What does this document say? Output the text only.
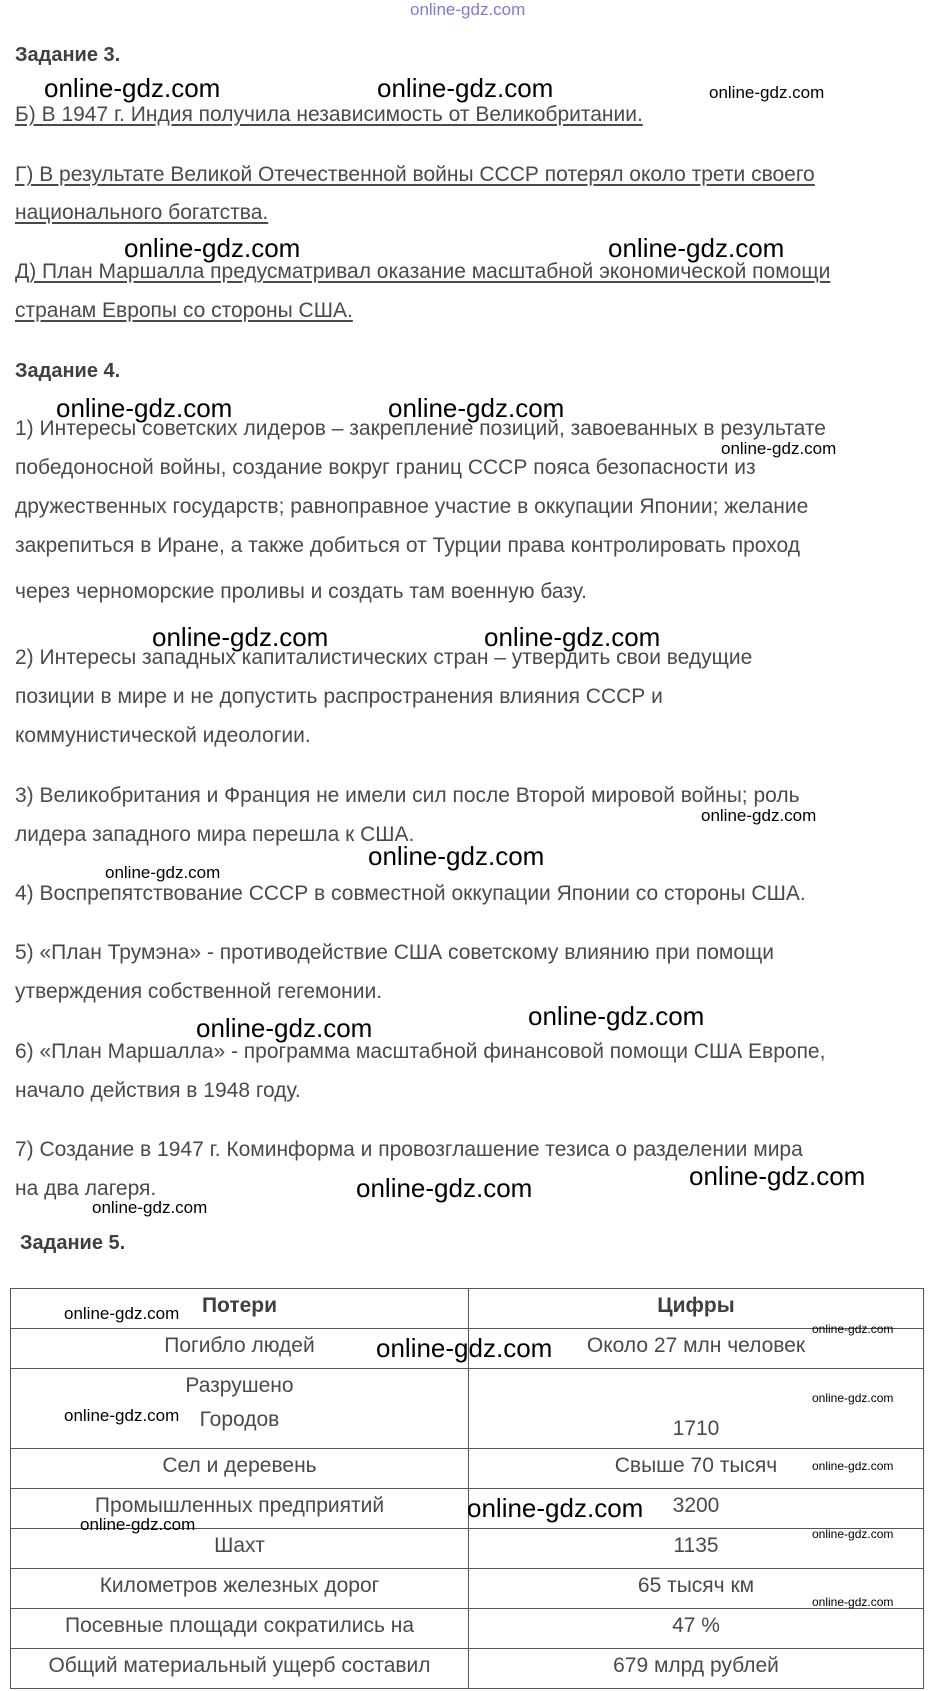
online-gdz.com
Задание 3.
Б) В 1947 г. Индия получила независимость от Великобритании.
Г) В результате Великой Отечественной войны СССР потерял около трети своего
национального богатства.
Д) План Маршалла предусматривал оказание масштабной экономической помощи
странам Европы со стороны США.
Задание 4.
1) Интересы советских лидеров – закрепление позиций, завоеванных в результате
победоносной войны, создание вокруг границ СССР пояса безопасности из
дружественных государств; равноправное участие в оккупации Японии; желание
закрепиться в Иране, а также добиться от Турции права контролировать проход
через черноморские проливы и создать там военную базу.
2) Интересы западных капиталистических стран – утвердить свои ведущие
позиции в мире и не допустить распространения влияния СССР и
коммунистической идеологии.
3) Великобритания и Франция не имели сил после Второй мировой войны; роль
лидера западного мира перешла к США.
4) Воспрепятствование СССР в совместной оккупации Японии со стороны США.
5) «План Трумэна» - противодействие США советскому влиянию при помощи
утверждения собственной гегемонии.
6) «План Маршалла» - программа масштабной финансовой помощи США Европе,
начало действия в 1948 году.
7) Создание в 1947 г. Коминформа и провозглашение тезиса о разделении мира
на два лагеря.
Задание 5.
Потери	Цифры
Погибло людей	Около 27 млн человек

Разрушено
Городов	1710
Сел и деревень	Свыше 70 тысяч
Промышленных предприятий	3200
Шахт	1135
Километров железных дорог	65 тысяч км
Посевные площади сократились на	47 %
Общий материальный ущерб составил	679 млрд рублей
online-gdz.com	online-gdz.com	online-gdz.com
online-gdz.com	online-gdz.com
online-gdz.com	online-gdz.com
online-gdz.com
online-gdz.com	online-gdz.com
online-gdz.com
online-gdz.com
online-gdz.com
online-gdz.com	online-gdz.com
online-gdz.com
online-gdz.com
online-gdz.com
online-gdz.com
online-gdz.com
online-gdz.com
online-gdz.com
online-gdz.com
online-gdz.com
online-gdz.com
online-gdz.com	online-gdz.com
online-gdz.com
